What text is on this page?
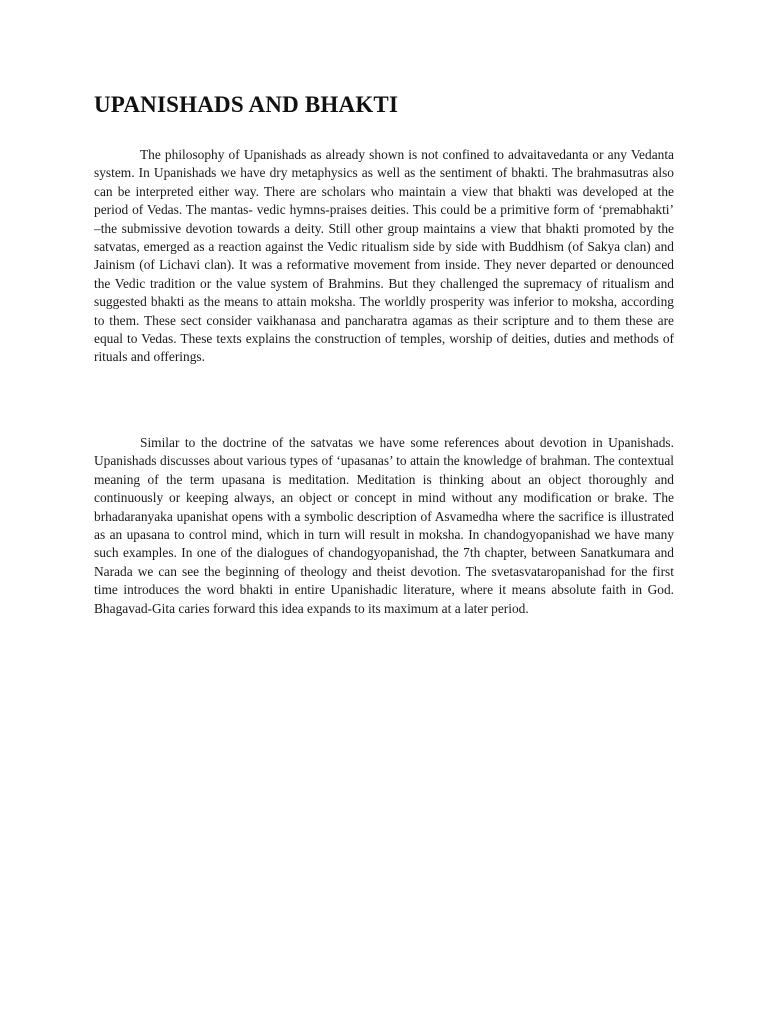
UPANISHADS AND BHAKTI

The philosophy of Upanishads as already shown is not confined to advaitavedanta or any Vedanta system. In Upanishads we have dry metaphysics as well as the sentiment of bhakti. The brahmasutras also can be interpreted either way. There are scholars who maintain a view that bhakti was developed at the period of Vedas. The mantas- vedic hymns-praises deities. This could be a primitive form of ‘premabhakti’ –the submissive devotion towards a deity. Still other group maintains a view that bhakti promoted by the satvatas, emerged as a reaction against the Vedic ritualism side by side with Buddhism (of Sakya clan) and Jainism (of Lichavi clan). It was a reformative movement from inside. They never departed or denounced the Vedic tradition or the value system of Brahmins. But they challenged the supremacy of ritualism and suggested bhakti as the means to attain moksha. The worldly prosperity was inferior to moksha, according to them. These sect consider vaikhanasa and pancharatra agamas as their scripture and to them these are equal to Vedas. These texts explains the construction of temples, worship of deities, duties and methods of rituals and offerings.

Similar to the doctrine of the satvatas we have some references about devotion in Upanishads. Upanishads discusses about various types of ‘upasanas’ to attain the knowledge of brahman. The contextual meaning of the term upasana is meditation. Meditation is thinking about an object thoroughly and continuously or keeping always, an object or concept in mind without any modification or brake. The brhadaranyaka upanishat opens with a symbolic description of Asvamedha where the sacrifice is illustrated as an upasana to control mind, which in turn will result in moksha. In chandogyopanishad we have many such examples. In one of the dialogues of chandogyopanishad, the 7th chapter, between Sanatkumara and Narada we can see the beginning of theology and theist devotion. The svetasvataropanishad for the first time introduces the word bhakti in entire Upanishadic literature, where it means absolute faith in God. Bhagavad-Gita caries forward this idea expands to its maximum at a later period.
